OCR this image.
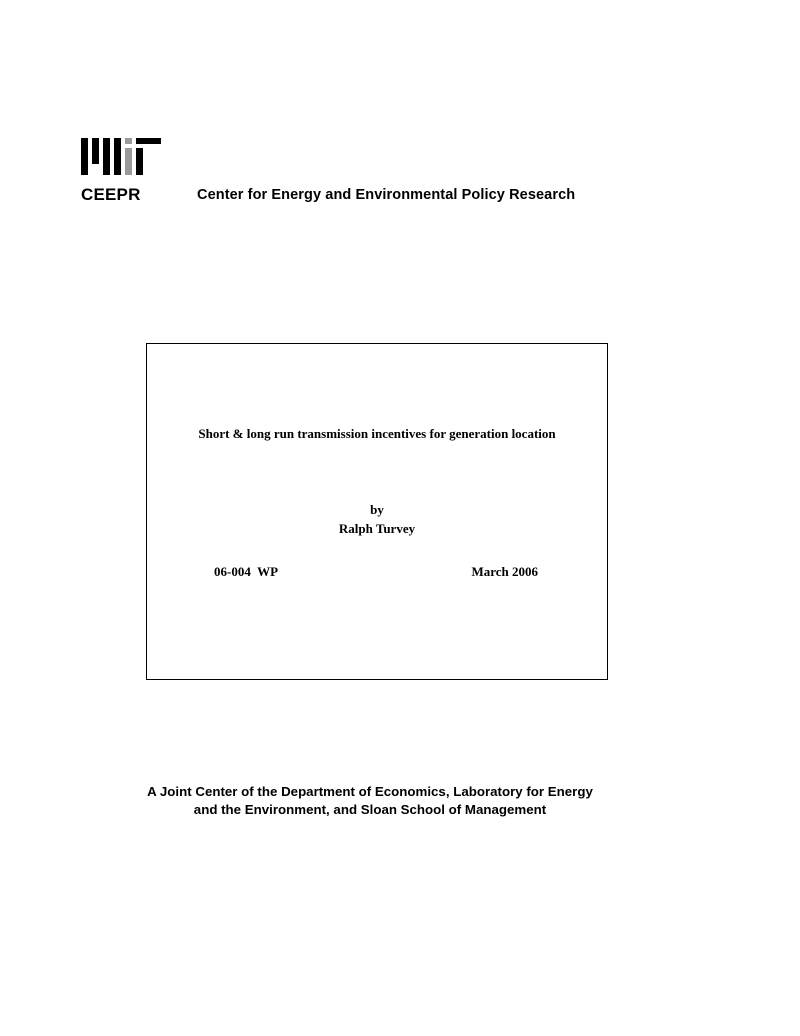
CEEPR	Center for Energy and Environmental Policy Research
Short & long run transmission incentives for generation location
by
Ralph Turvey
06-004  WP	March 2006
A Joint Center of the Department of Economics, Laboratory for Energy
and the Environment, and Sloan School of Management
